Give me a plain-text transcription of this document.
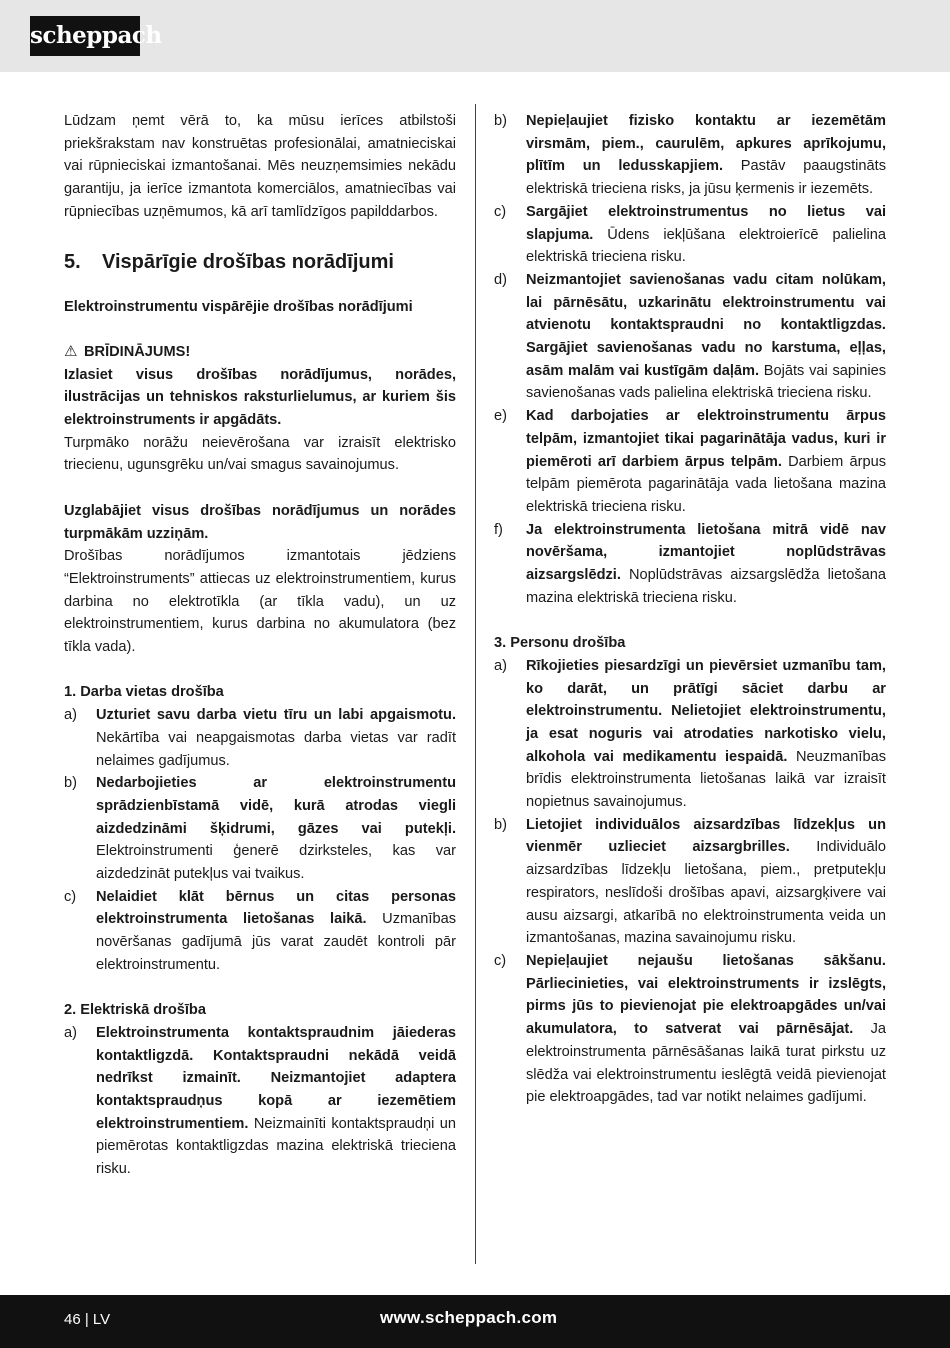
scheppach

Lūdzam ņemt vērā to, ka mūsu ierīces atbilstoši priekšrakstam nav konstruētas profesionālai, amatnieciskai vai rūpnieciskai izmantošanai. Mēs neuzņemsimies nekādu garantiju, ja ierīce izmantota komerciālos, amatniecības vai rūpniecības uzņēmumos, kā arī tamlīdzīgos papilddarbos.

5.	Vispārīgie drošības norādījumi

Elektroinstrumentu vispārējie drošības norādījumi

⚠ BRĪDINĀJUMS!

Izlasiet visus drošības norādījumus, norādes, ilustrācijas un tehniskos raksturlielumus, ar kuriem šis elektroinstruments ir apgādāts.

Turpmāko norāžu neievērošana var izraisīt elektrisko triecienu, ugunsgrēku un/vai smagus savainojumus.

Uzglabājiet visus drošības norādījumus un norādes turpmākām uzziņām.

Drošības norādījumos izmantotais jēdziens “Elektroinstruments” attiecas uz elektroinstrumentiem, kurus darbina no elektrotīkla (ar tīkla vadu), un uz elektroinstrumentiem, kurus darbina no akumulatora (bez tīkla vada).

1. Darba vietas drošība

a)	Uzturiet savu darba vietu tīru un labi apgaismotu. Nekārtība vai neapgaismotas darba vietas var radīt nelaimes gadījumus.
b)	Nedarbojieties ar elektroinstrumentu sprādzienbīstamā vidē, kurā atrodas viegli aizdedzināmi šķidrumi, gāzes vai putekļi. Elektroinstrumenti ģenerē dzirksteles, kas var aizdedzināt putekļus vai tvaikus.
c)	Nelaidiet klāt bērnus un citas personas elektroinstrumenta lietošanas laikā. Uzmanības novēršanas gadījumā jūs varat zaudēt kontroli pār elektroinstrumentu.

2. Elektriskā drošība

a)	Elektroinstrumenta kontaktspraudnim jāiederas kontaktligzdā. Kontaktspraudni nekādā veidā nedrīkst izmainīt. Neizmantojiet adaptera kontaktspraudņus kopā ar iezemētiem elektroinstrumentiem. Neizmainīti kontaktspraudņi un piemērotas kontaktligzdas mazina elektriskā trieciena risku.
b)	Nepieļaujiet fizisko kontaktu ar iezemētām virsmām, piem., caurulēm, apkures aprīkojumu, plītīm un ledusskapjiem. Pastāv paaugstināts elektriskā trieciena risks, ja jūsu ķermenis ir iezemēts.
c)	Sargājiet elektroinstrumentus no lietus vai slapjuma. Ūdens iekļūšana elektroierīcē palielina elektriskā trieciena risku.
d)	Neizmantojiet savienošanas vadu citam nolūkam, lai pārnēsātu, uzkarinātu elektroinstrumentu vai atvienotu kontaktspraudni no kontaktligzdas. Sargājiet savienošanas vadu no karstuma, eļļas, asām malām vai kustīgām daļām. Bojāts vai sapinies savienošanas vads palielina elektriskā trieciena risku.
e)	Kad darbojaties ar elektroinstrumentu ārpus telpām, izmantojiet tikai pagarinātāja vadus, kuri ir piemēroti arī darbiem ārpus telpām. Darbiem ārpus telpām piemērota pagarinātāja vada lietošana mazina elektriskā trieciena risku.
f)	Ja elektroinstrumenta lietošana mitrā vidē nav novēršama, izmantojiet noplūdstrāvas aizsargslēdzi. Noplūdstrāvas aizsargslēdža lietošana mazina elektriskā trieciena risku.

3. Personu drošība

a)	Rīkojieties piesardzīgi un pievērsiet uzmanību tam, ko darāt, un prātīgi sāciet darbu ar elektroinstrumentu. Nelietojiet elektroinstrumentu, ja esat noguris vai atrodaties narkotisko vielu, alkohola vai medikamentu iespaidā. Neuzmanības brīdis elektroinstrumenta lietošanas laikā var izraisīt nopietnus savainojumus.
b)	Lietojiet individuālos aizsardzības līdzekļus un vienmēr uzlieciet aizsargbrilles. Individuālo aizsardzības līdzekļu lietošana, piem., pretputekļu respirators, neslīdoši drošības apavi, aizsargķivere vai ausu aizsargi, atkarībā no elektroinstrumenta veida un izmantošanas, mazina savainojumu risku.
c)	Nepieļaujiet nejaušu lietošanas sākšanu. Pārliecinieties, vai elektroinstruments ir izslēgts, pirms jūs to pievienojat pie elektroapgādes un/vai akumulatora, to satverat vai pārnēsājat. Ja elektroinstrumenta pārnēsāšanas laikā turat pirkstu uz slēdža vai elektroinstrumentu ieslēgtā veidā pievienojat pie elektroapgādes, tad var notikt nelaimes gadījumi.
46 | LV	www.scheppach.com
